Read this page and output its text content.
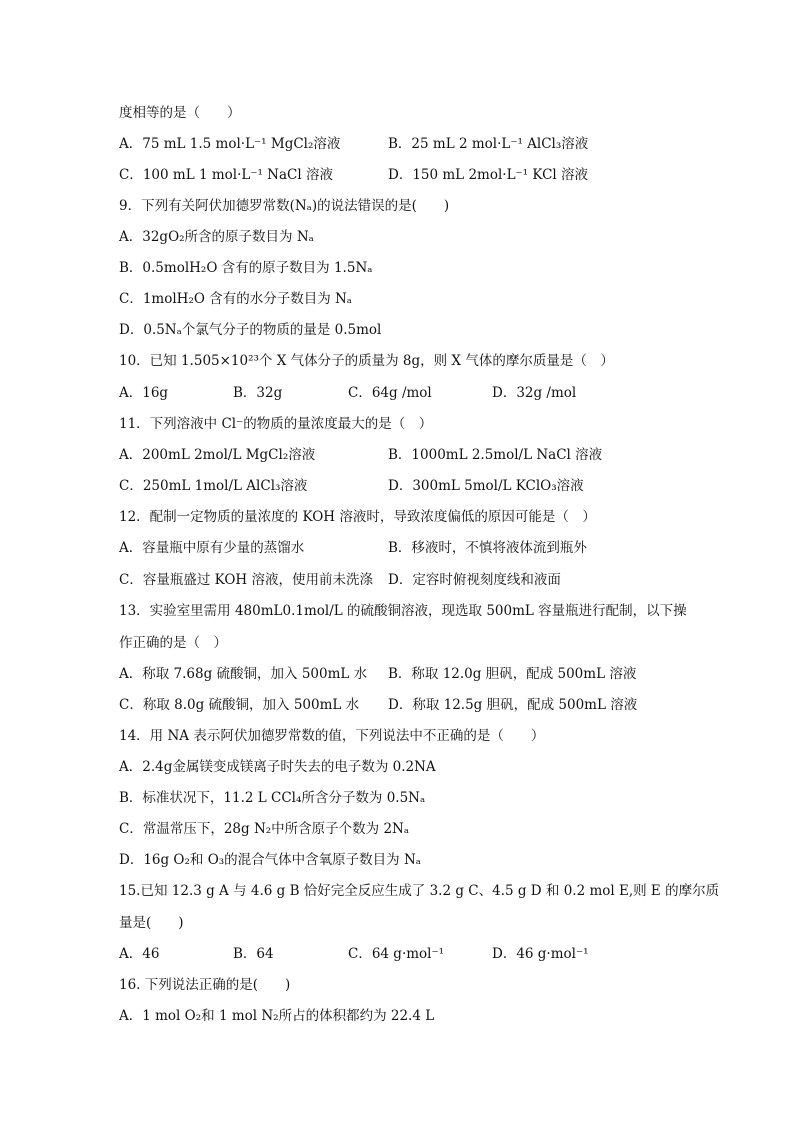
度相等的是（　　）
A．75 mL 1.5 mol·L⁻¹ MgCl₂溶液	B．25 mL 2 mol·L⁻¹ AlCl₃溶液
C．100 mL 1 mol·L⁻¹ NaCl 溶液	D．150 mL 2mol·L⁻¹ KCl 溶液
9．下列有关阿伏加德罗常数(Nₐ)的说法错误的是(　　)
A．32gO₂所含的原子数目为 Nₐ
B．0.5molH₂O 含有的原子数目为 1.5Nₐ
C．1molH₂O 含有的水分子数目为 Nₐ
D．0.5Nₐ个氯气分子的物质的量是 0.5mol
10．已知 1.505×10²³个 X 气体分子的质量为 8g，则 X 气体的摩尔质量是（　）
A．16g	B．32g	C．64g /mol	D．32g /mol
11．下列溶液中 Cl⁻的物质的量浓度最大的是（　）
A．200mL 2mol/L MgCl₂溶液	B．1000mL 2.5mol/L NaCl 溶液
C．250mL 1mol/L AlCl₃溶液	D．300mL 5mol/L KClO₃溶液
12．配制一定物质的量浓度的 KOH 溶液时，导致浓度偏低的原因可能是（　）
A．容量瓶中原有少量的蒸馏水	B．移液时，不慎将液体流到瓶外
C．容量瓶盛过 KOH 溶液，使用前未洗涤 D．定容时俯视刻度线和液面
13．实验室里需用 480mL0.1mol/L 的硫酸铜溶液，现选取 500mL 容量瓶进行配制，以下操
作正确的是（　）
A．称取 7.68g 硫酸铜，加入 500mL 水 B．称取 12.0g 胆矾，配成 500mL 溶液
C．称取 8.0g 硫酸铜，加入 500mL 水 D．称取 12.5g 胆矾，配成 500mL 溶液
14．用 NA 表示阿伏加德罗常数的值，下列说法中不正确的是（　　）
A．2.4g金属镁变成镁离子时失去的电子数为 0.2NA
B．标准状况下，11.2 L CCl₄所含分子数为 0.5Nₐ
C．常温常压下，28g N₂中所含原子个数为 2Nₐ
D．16g O₂和 O₃的混合气体中含氧原子数目为 Nₐ
15.已知 12.3 g A 与 4.6 g B 恰好完全反应生成了 3.2 g C、4.5 g D 和 0.2 mol E,则 E 的摩尔质
量是(　　)
A．46	B．64	C．64 g·mol⁻¹	D．46 g·mol⁻¹
16. 下列说法正确的是(　　)
A．1 mol O₂和 1 mol N₂所占的体积都约为 22.4 L
